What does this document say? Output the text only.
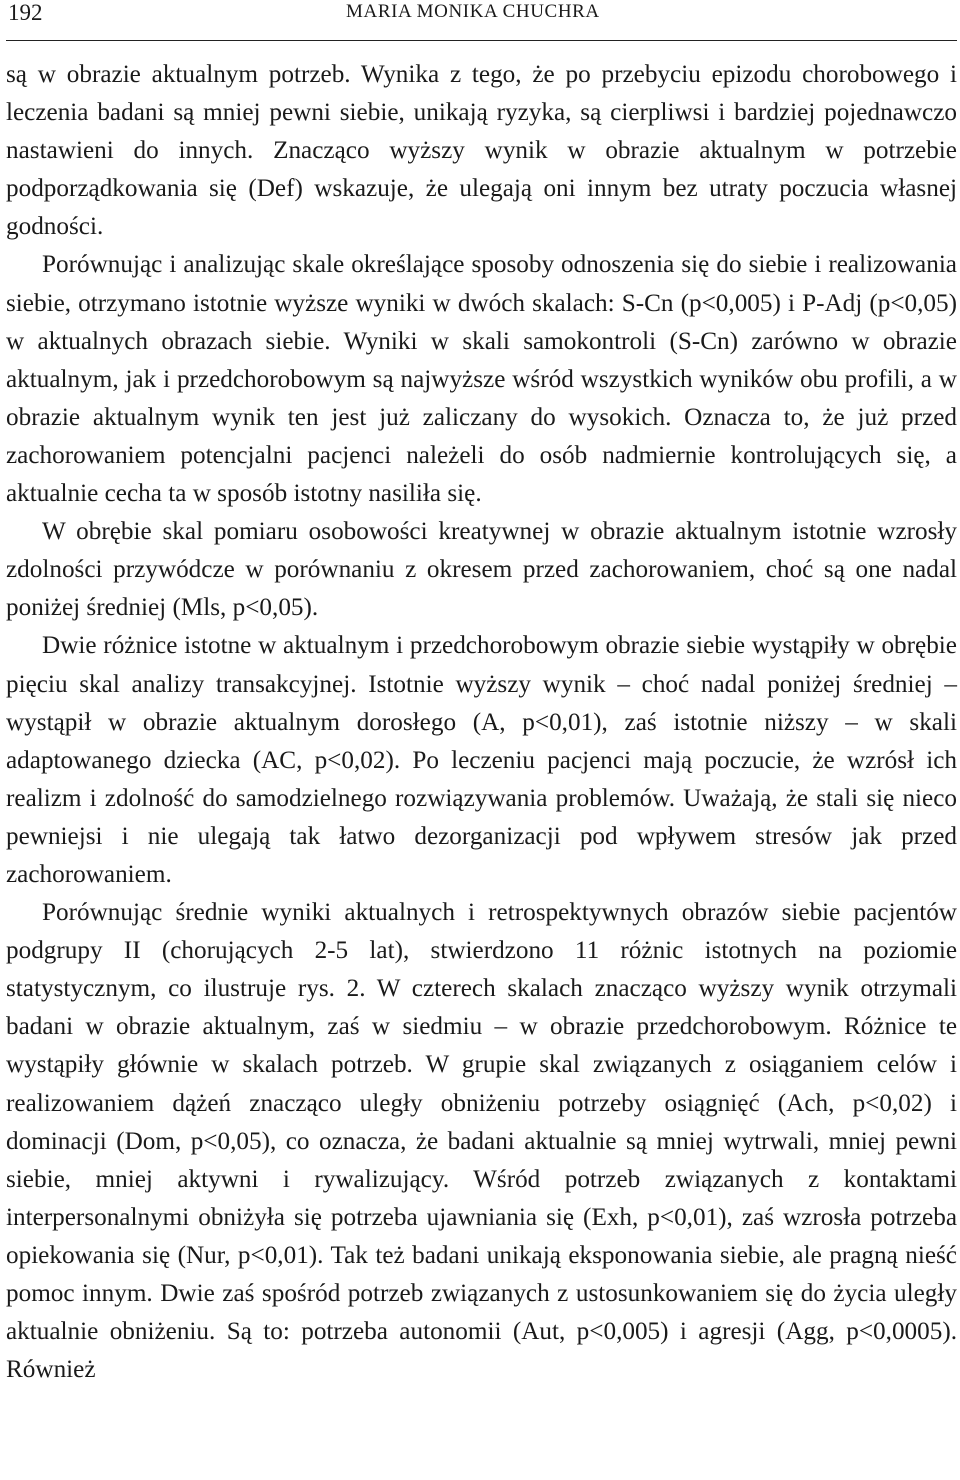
192	MARIA MONIKA CHUCHRA

są w obrazie aktualnym potrzeb. Wynika z tego, że po przebyciu epizodu chorobowego i leczenia badani są mniej pewni siebie, unikają ryzyka, są cierpliwsi i bardziej pojednawczo nastawieni do innych. Znacząco wyższy wynik w obrazie aktualnym w potrzebie podporządkowania się (Def) wskazuje, że ulegają oni innym bez utraty poczucia własnej godności.

Porównując i analizując skale określające sposoby odnoszenia się do siebie i realizowania siebie, otrzymano istotnie wyższe wyniki w dwóch skalach: S-Cn (p<0,005) i P-Adj (p<0,05) w aktualnych obrazach siebie. Wyniki w skali samokontroli (S-Cn) zarówno w obrazie aktualnym, jak i przedchorobowym są najwyższe wśród wszystkich wyników obu profili, a w obrazie aktualnym wynik ten jest już zaliczany do wysokich. Oznacza to, że już przed zachorowaniem potencjalni pacjenci należeli do osób nadmiernie kontrolujących się, a aktualnie cecha ta w sposób istotny nasiliła się.

W obrębie skal pomiaru osobowości kreatywnej w obrazie aktualnym istotnie wzrosły zdolności przywódcze w porównaniu z okresem przed zachorowaniem, choć są one nadal poniżej średniej (Mls, p<0,05).

Dwie różnice istotne w aktualnym i przedchorobowym obrazie siebie wystąpiły w obrębie pięciu skal analizy transakcyjnej. Istotnie wyższy wynik – choć nadal poniżej średniej – wystąpił w obrazie aktualnym dorosłego (A, p<0,01), zaś istotnie niższy – w skali adaptowanego dziecka (AC, p<0,02). Po leczeniu pacjenci mają poczucie, że wzrósł ich realizm i zdolność do samodzielnego rozwiązywania problemów. Uważają, że stali się nieco pewniejsi i nie ulegają tak łatwo dezorganizacji pod wpływem stresów jak przed zachorowaniem.

Porównując średnie wyniki aktualnych i retrospektywnych obrazów siebie pacjentów podgrupy II (chorujących 2-5 lat), stwierdzono 11 różnic istotnych na poziomie statystycznym, co ilustruje rys. 2. W czterech skalach znacząco wyższy wynik otrzymali badani w obrazie aktualnym, zaś w siedmiu – w obrazie przedchorobowym. Różnice te wystąpiły głównie w skalach potrzeb. W grupie skal związanych z osiąganiem celów i realizowaniem dążeń znacząco uległy obniżeniu potrzeby osiągnięć (Ach, p<0,02) i dominacji (Dom, p<0,05), co oznacza, że badani aktualnie są mniej wytrwali, mniej pewni siebie, mniej aktywni i rywalizujący. Wśród potrzeb związanych z kontaktami interpersonalnymi obniżyła się potrzeba ujawniania się (Exh, p<0,01), zaś wzrosła potrzeba opiekowania się (Nur, p<0,01). Tak też badani unikają eksponowania siebie, ale pragną nieść pomoc innym. Dwie zaś spośród potrzeb związanych z ustosunkowaniem się do życia uległy aktualnie obniżeniu. Są to: potrzeba autonomii (Aut, p<0,005) i agresji (Agg, p<0,0005). Również
